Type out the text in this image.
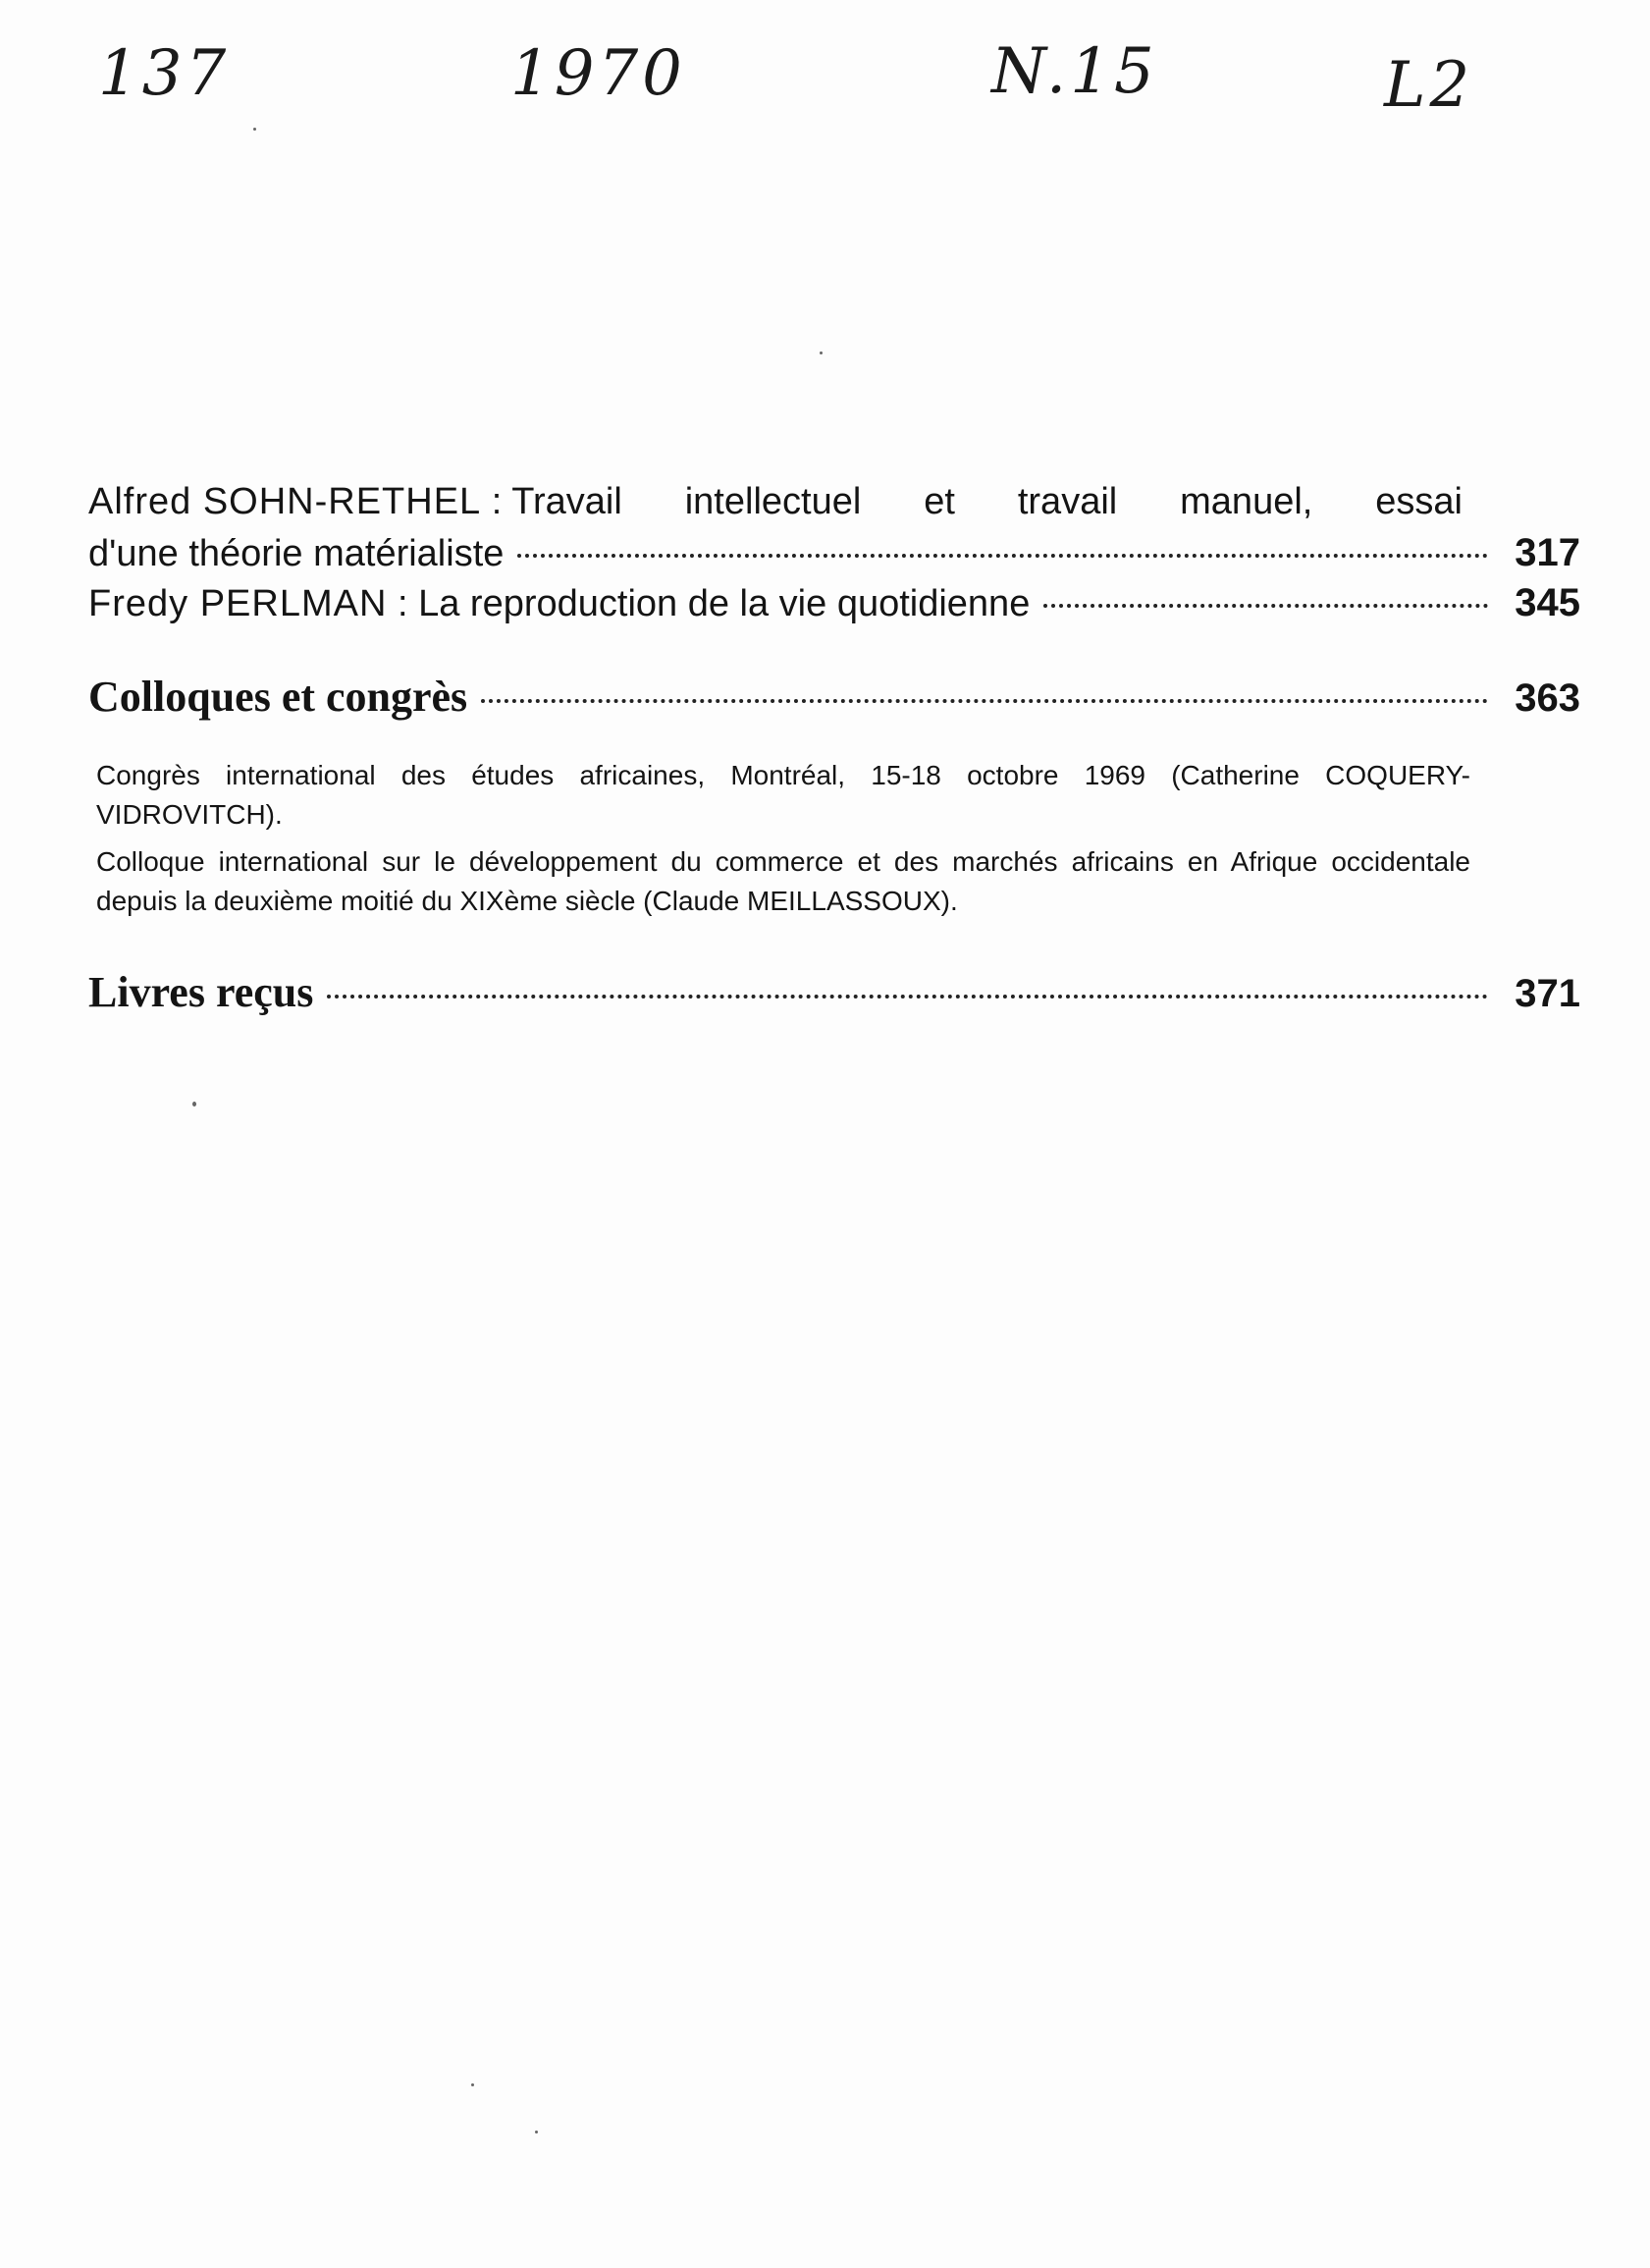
137	1970	N.15	L2
Alfred SOHN-RETHEL : Travail intellectuel et travail manuel, essai
d'une théorie matérialiste	317
Fredy PERLMAN : La reproduction de la vie quotidienne	345
Colloques et congrès	363

Congrès international des études africaines, Montréal, 15-18 octobre 1969 (Catherine COQUERY-VIDROVITCH).

Colloque international sur le développement du commerce et des marchés africains en Afrique occidentale depuis la deuxième moitié du XIXème siècle (Claude MEILLASSOUX).

Livres reçus	371
